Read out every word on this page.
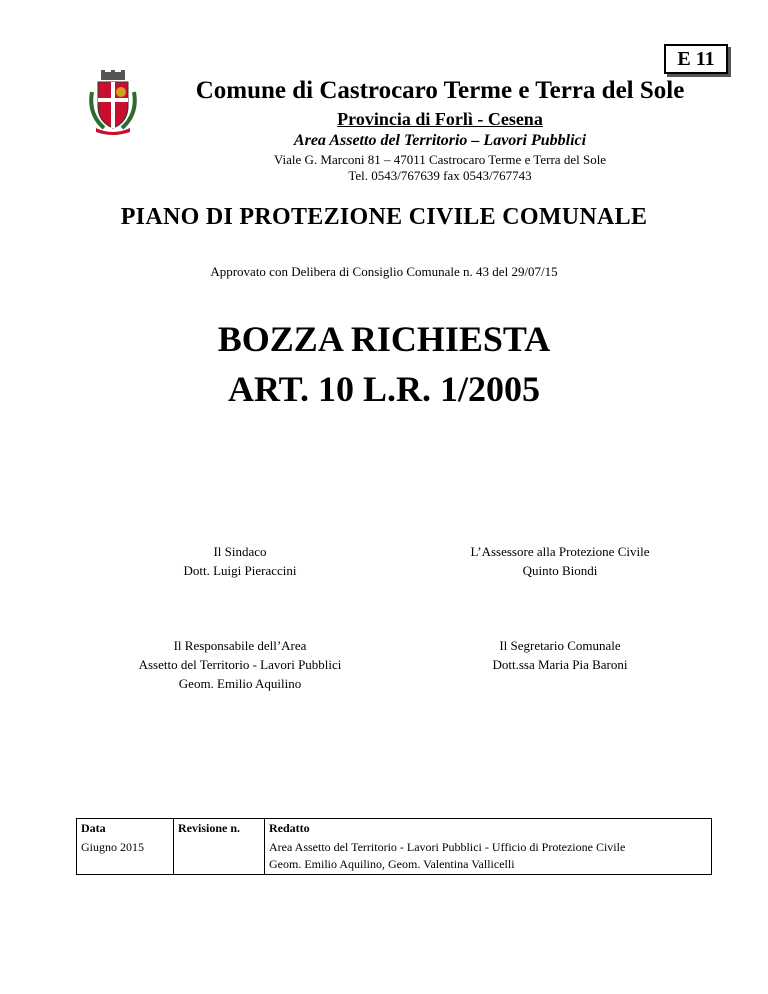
E 11
Comune di Castrocaro Terme e Terra del Sole
Provincia di Forlì - Cesena
Area Assetto del Territorio – Lavori Pubblici
Viale G. Marconi 81 – 47011 Castrocaro Terme e Terra del Sole
Tel. 0543/767639 fax 0543/767743
PIANO DI PROTEZIONE CIVILE COMUNALE
Approvato con Delibera di Consiglio Comunale n. 43 del 29/07/15
BOZZA RICHIESTA
ART. 10 L.R. 1/2005
Il Sindaco
Dott. Luigi Pieraccini
L’Assessore alla Protezione Civile
Quinto Biondi
Il Responsabile dell’Area
Assetto del Territorio - Lavori Pubblici
Geom. Emilio Aquilino
Il Segretario Comunale
Dott.ssa Maria Pia Baroni
Data	Revisione n.	Redatto
Giugno 2015		Area Assetto del Territorio - Lavori Pubblici - Ufficio di Protezione Civile
Geom. Emilio Aquilino, Geom. Valentina Vallicelli
